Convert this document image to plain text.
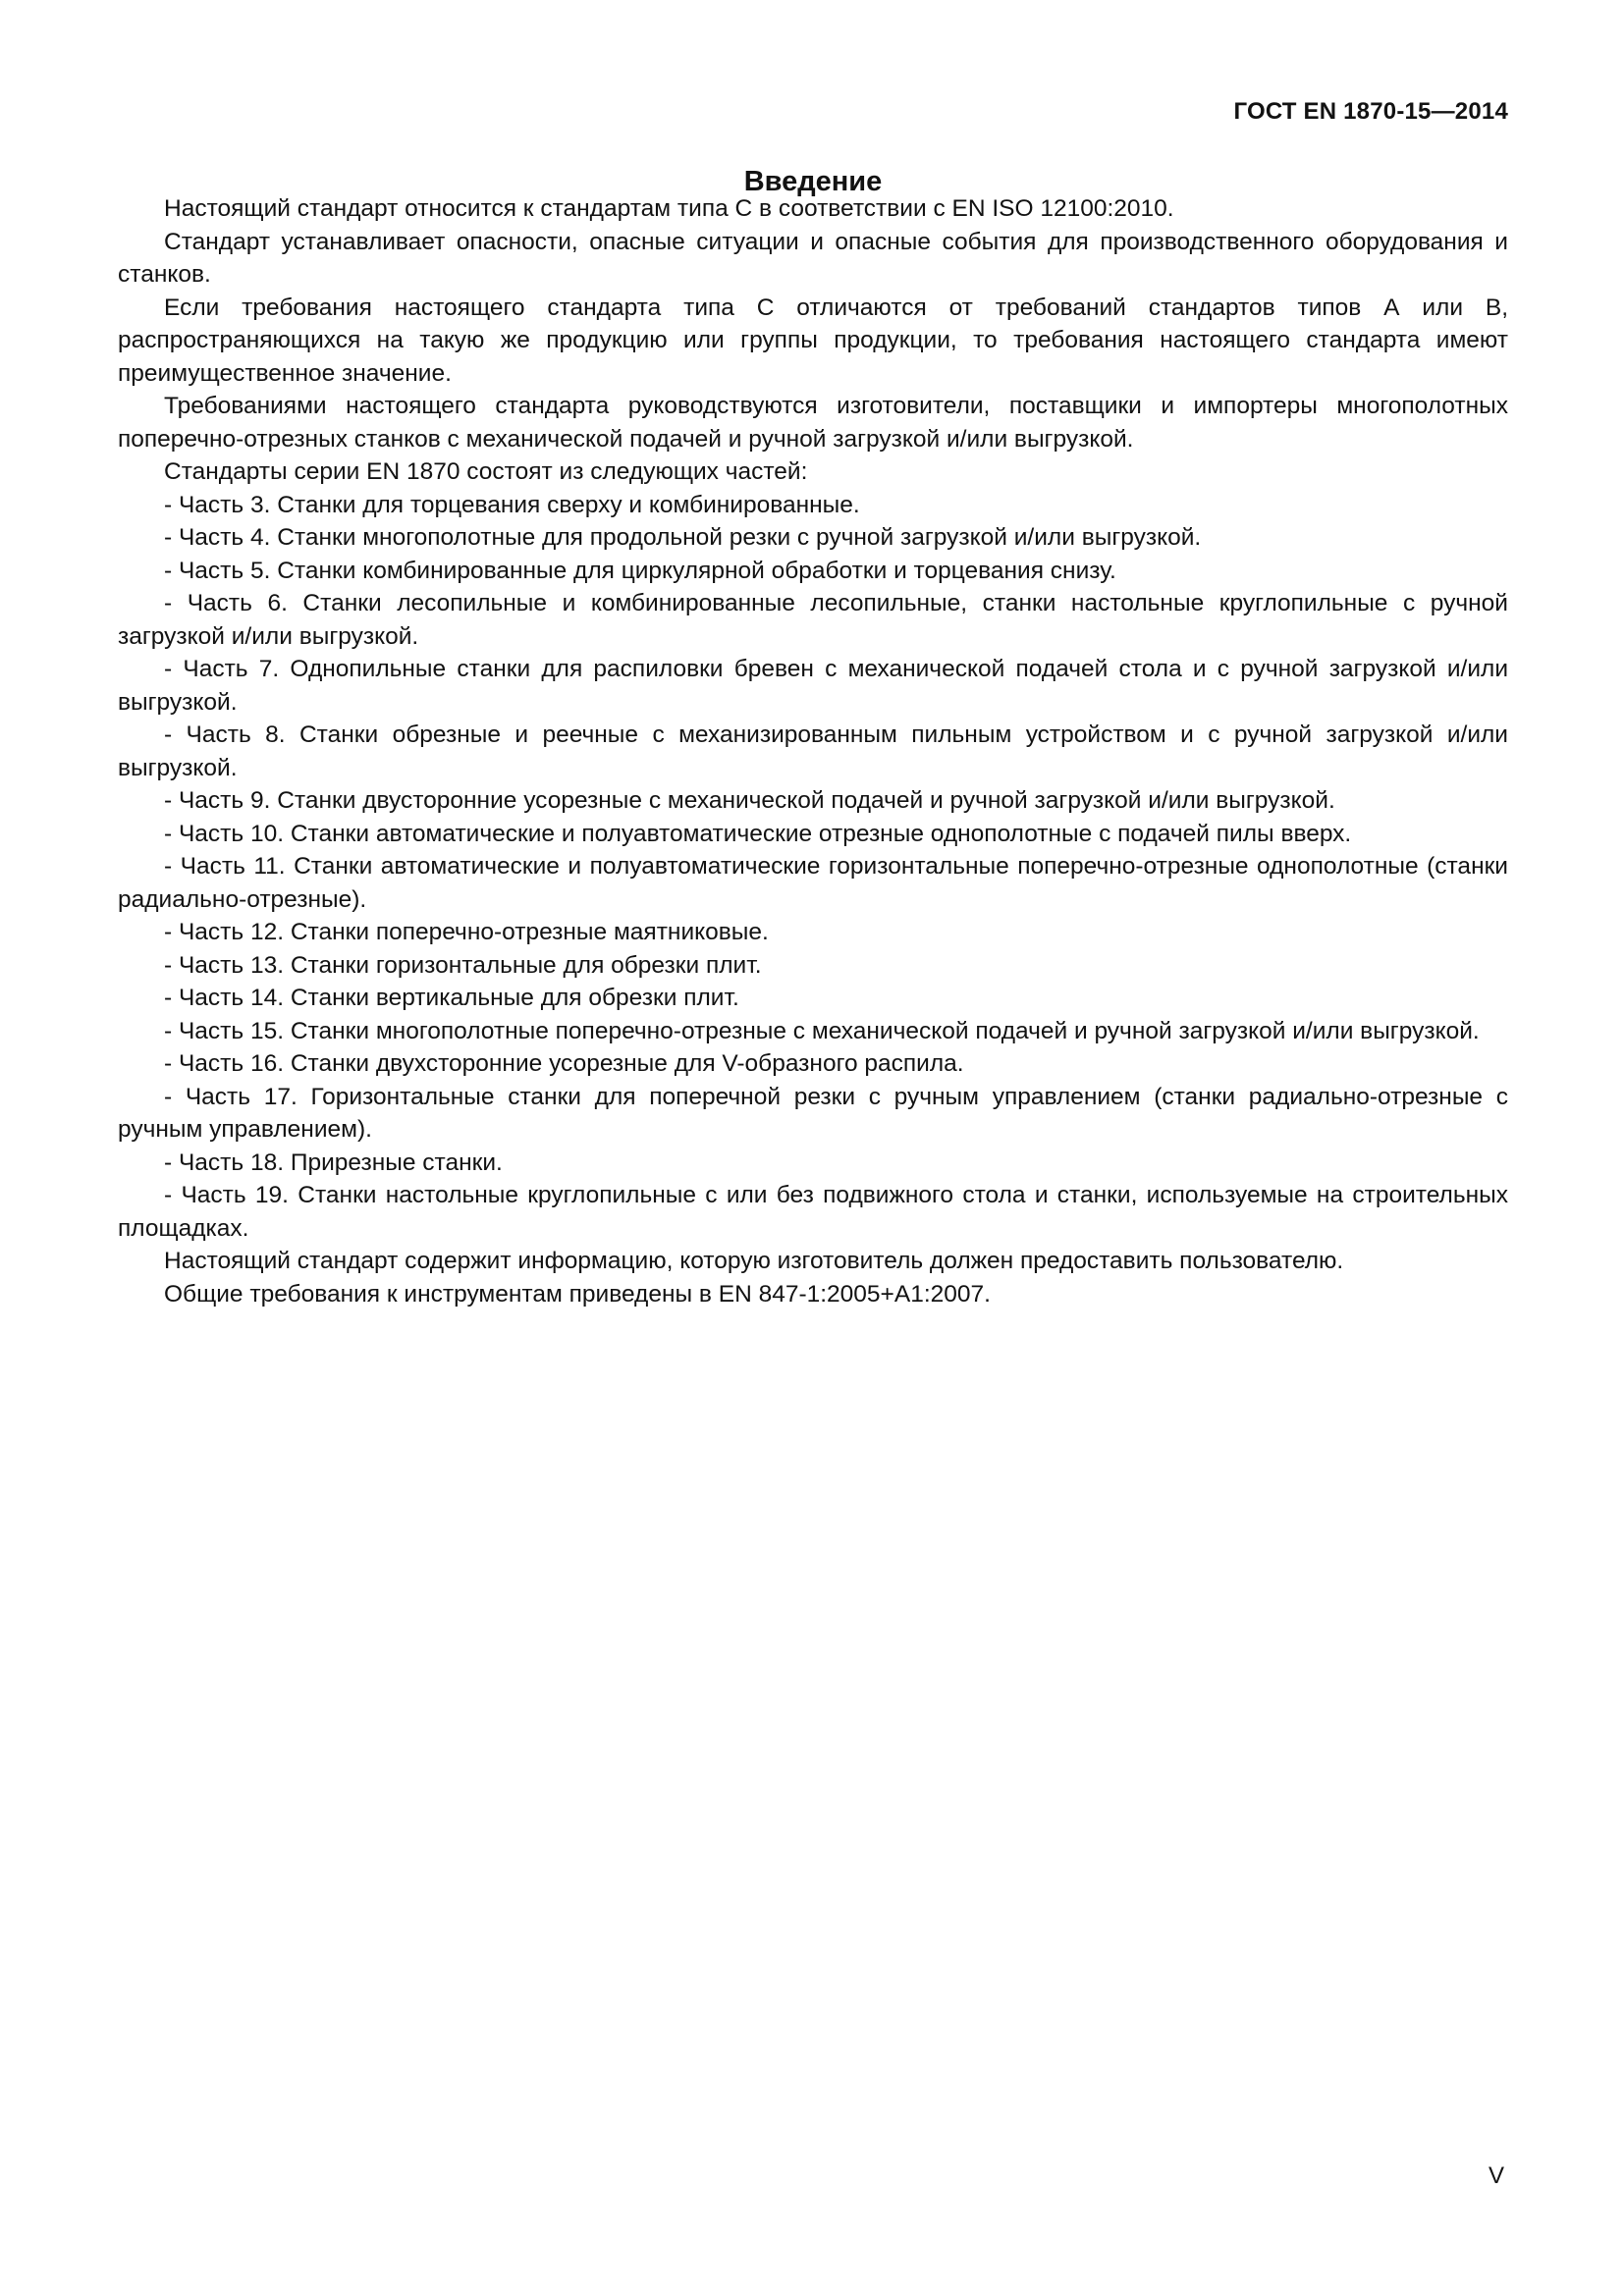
ГОСТ EN 1870-15—2014
Введение

Настоящий стандарт относится к стандартам типа С в соответствии с EN ISO 12100:2010.

Стандарт устанавливает опасности, опасные ситуации и опасные события для производственного оборудования и станков.

Если требования настоящего стандарта типа С отличаются от требований стандартов типов А или В, распространяющихся на такую же продукцию или группы продукции, то требования настоящего стандарта имеют преимущественное значение.

Требованиями настоящего стандарта руководствуются изготовители, поставщики и импортеры многополотных поперечно-отрезных станков с механической подачей и ручной загрузкой и/или выгрузкой.

Стандарты серии EN 1870 состоят из следующих частей:

- Часть 3. Станки для торцевания сверху и комбинированные.

- Часть 4. Станки многополотные для продольной резки с ручной загрузкой и/или выгрузкой.

- Часть 5. Станки комбинированные для циркулярной обработки и торцевания снизу.

- Часть 6. Станки лесопильные и комбинированные лесопильные, станки настольные круглопильные с ручной загрузкой и/или выгрузкой.

- Часть 7. Однопильные станки для распиловки бревен с механической подачей стола и с ручной загрузкой и/или выгрузкой.

- Часть 8. Станки обрезные и реечные с механизированным пильным устройством и с ручной загрузкой и/или выгрузкой.

- Часть 9. Станки двусторонние усорезные с механической подачей и ручной загрузкой и/или выгрузкой.

- Часть 10. Станки автоматические и полуавтоматические отрезные однополотные с подачей пилы вверх.

- Часть 11. Станки автоматические и полуавтоматические горизонтальные поперечно-отрезные однополотные (станки радиально-отрезные).

- Часть 12. Станки поперечно-отрезные маятниковые.

- Часть 13. Станки горизонтальные для обрезки плит.

- Часть 14. Станки вертикальные для обрезки плит.

- Часть 15. Станки многополотные поперечно-отрезные с механической подачей и ручной загрузкой и/или выгрузкой.

- Часть 16. Станки двухсторонние усорезные для V-образного распила.

- Часть 17. Горизонтальные станки для поперечной резки с ручным управлением (станки радиально-отрезные с ручным управлением).

- Часть 18. Прирезные станки.

- Часть 19. Станки настольные круглопильные с или без подвижного стола и станки, используемые на строительных площадках.

Настоящий стандарт содержит информацию, которую изготовитель должен предоставить пользователю.

Общие требования к инструментам приведены в EN 847-1:2005+A1:2007.

V
